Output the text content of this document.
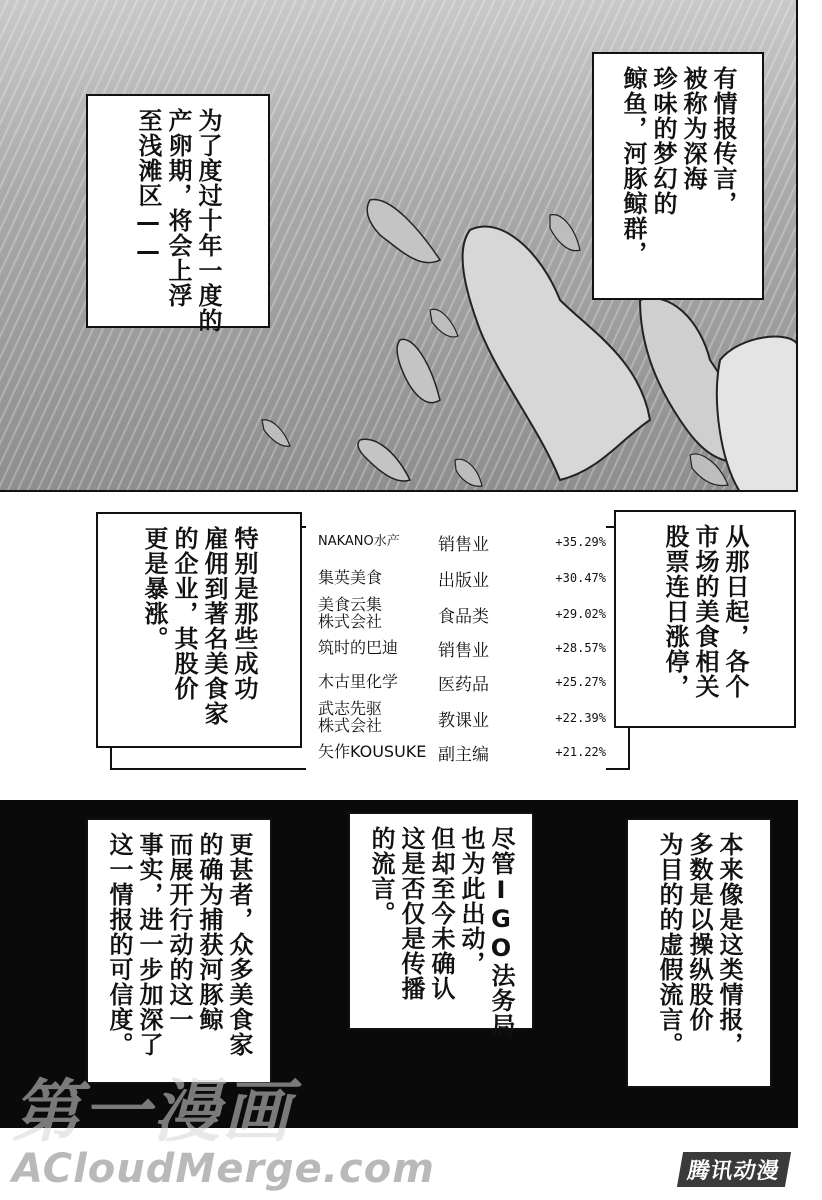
为了度过十年一度的
产卵期，将会上浮
至浅滩区——	有情报传言，
被称为深海
珍味的梦幻的
鲸鱼，河豚鲸群，
特别是那些成功
雇佣到著名美食家
的企业，其股价
更是暴涨。	NAKANO水产	销售业	+35.29%
集英美食	出版业	+30.47%
美食云集
株式会社	食品类	+29.02%
筑时的巴迪	销售业	+28.57%
木古里化学	医药品	+25.27%
武志先驱
株式会社	教课业	+22.39%
矢作KOUSUKE 副主编	+21.22%
从那日起，各个
市场的美食相关
股票连日涨停，
更甚者，众多美食家
的确为捕获河豚鲸
而展开行动的这一
事实，进一步加深了
这一情报的可信度。	尽管IGO法务局
也为此出动，
但却至今未确认
这是否仅是传播
的流言。	本来像是这类情报，
多数是以操纵股价
为目的的虚假流言。
第一漫画
ACloudMerge.com	腾讯动漫
